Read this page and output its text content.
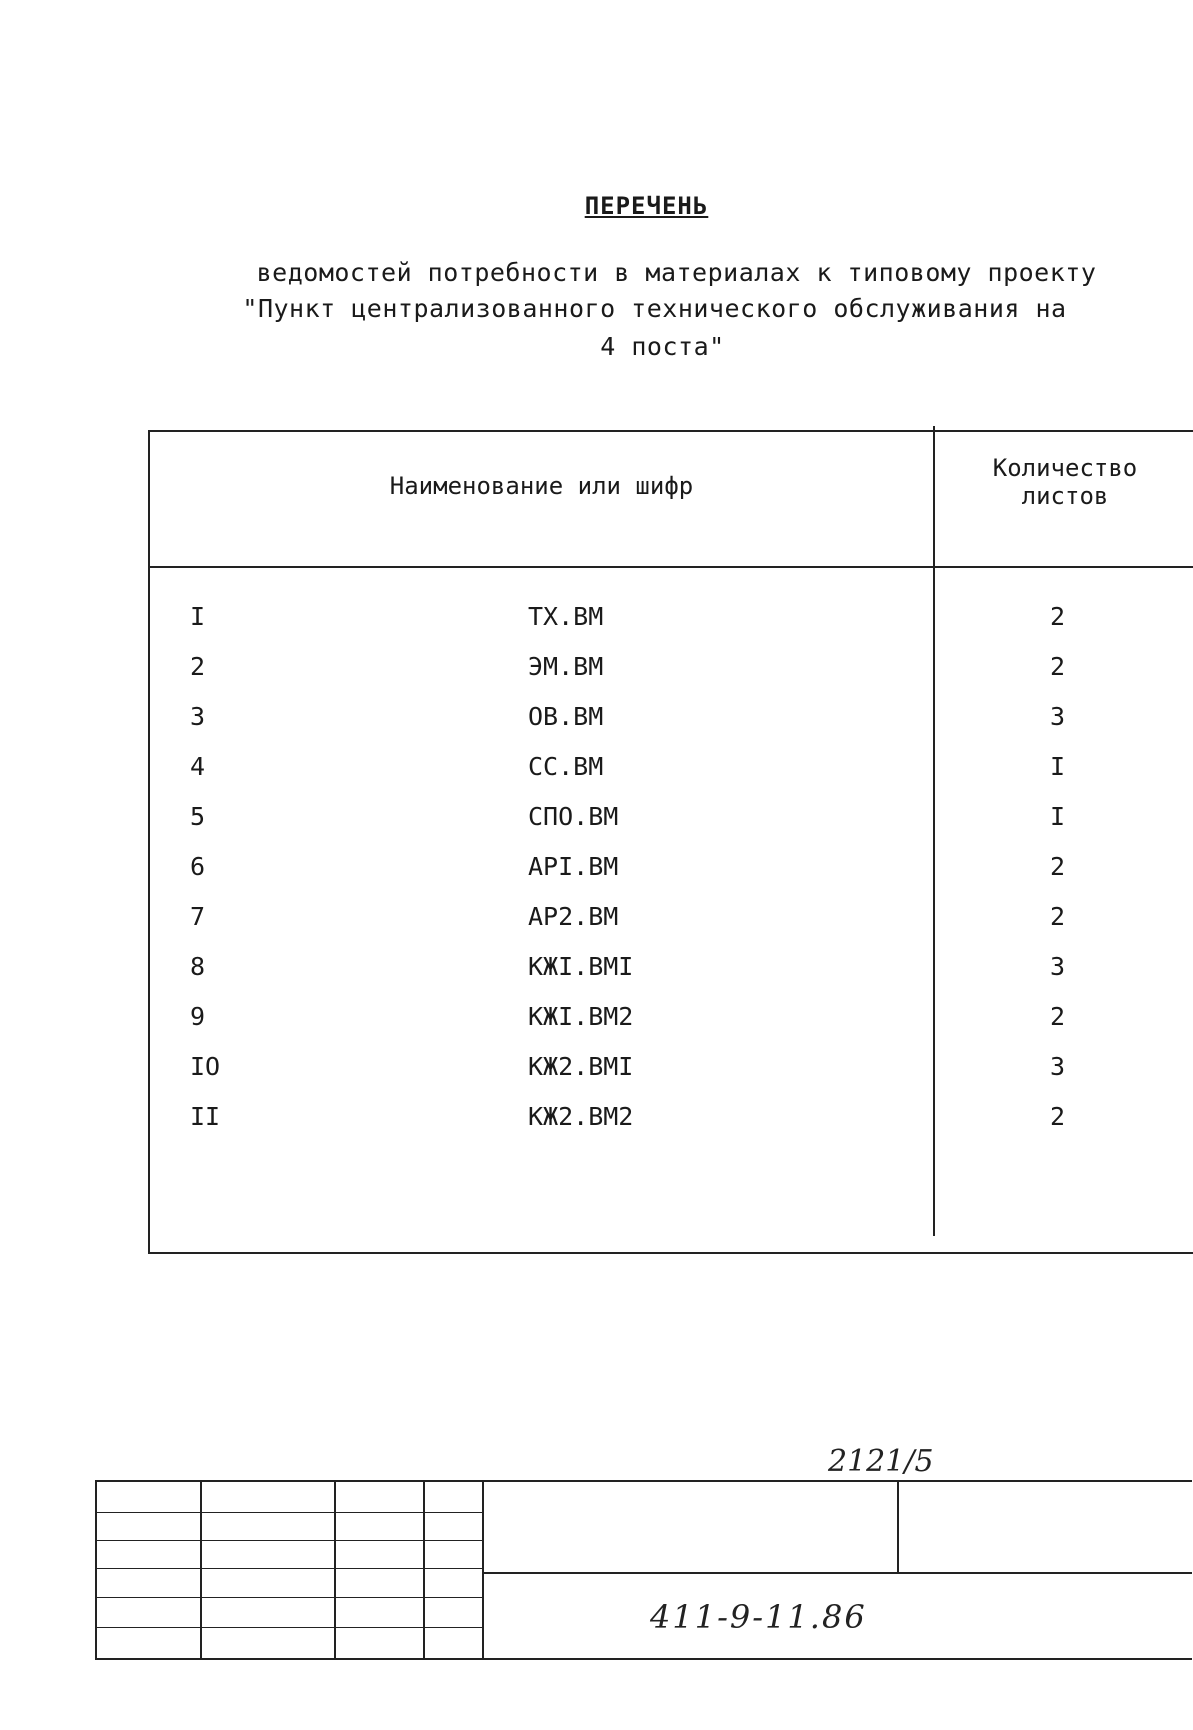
ПЕРЕЧЕНЬ
ведомостей потребности в материалах к типовому проекту
"Пункт централизованного технического обслуживания на
4 поста"
Наименование или шифр
Количество
листов
I	ТХ.ВМ	2
2	ЭМ.ВМ	2
3	ОВ.ВМ	3
4	СС.ВМ	I
5	СПО.ВМ	I
6	АРI.ВМ	2
7	АР2.ВМ	2
8	КЖI.ВМI	3
9	КЖI.ВМ2	2
IO	КЖ2.ВМI	3
II	КЖ2.ВМ2	2
2121/5
411-9-11.86
